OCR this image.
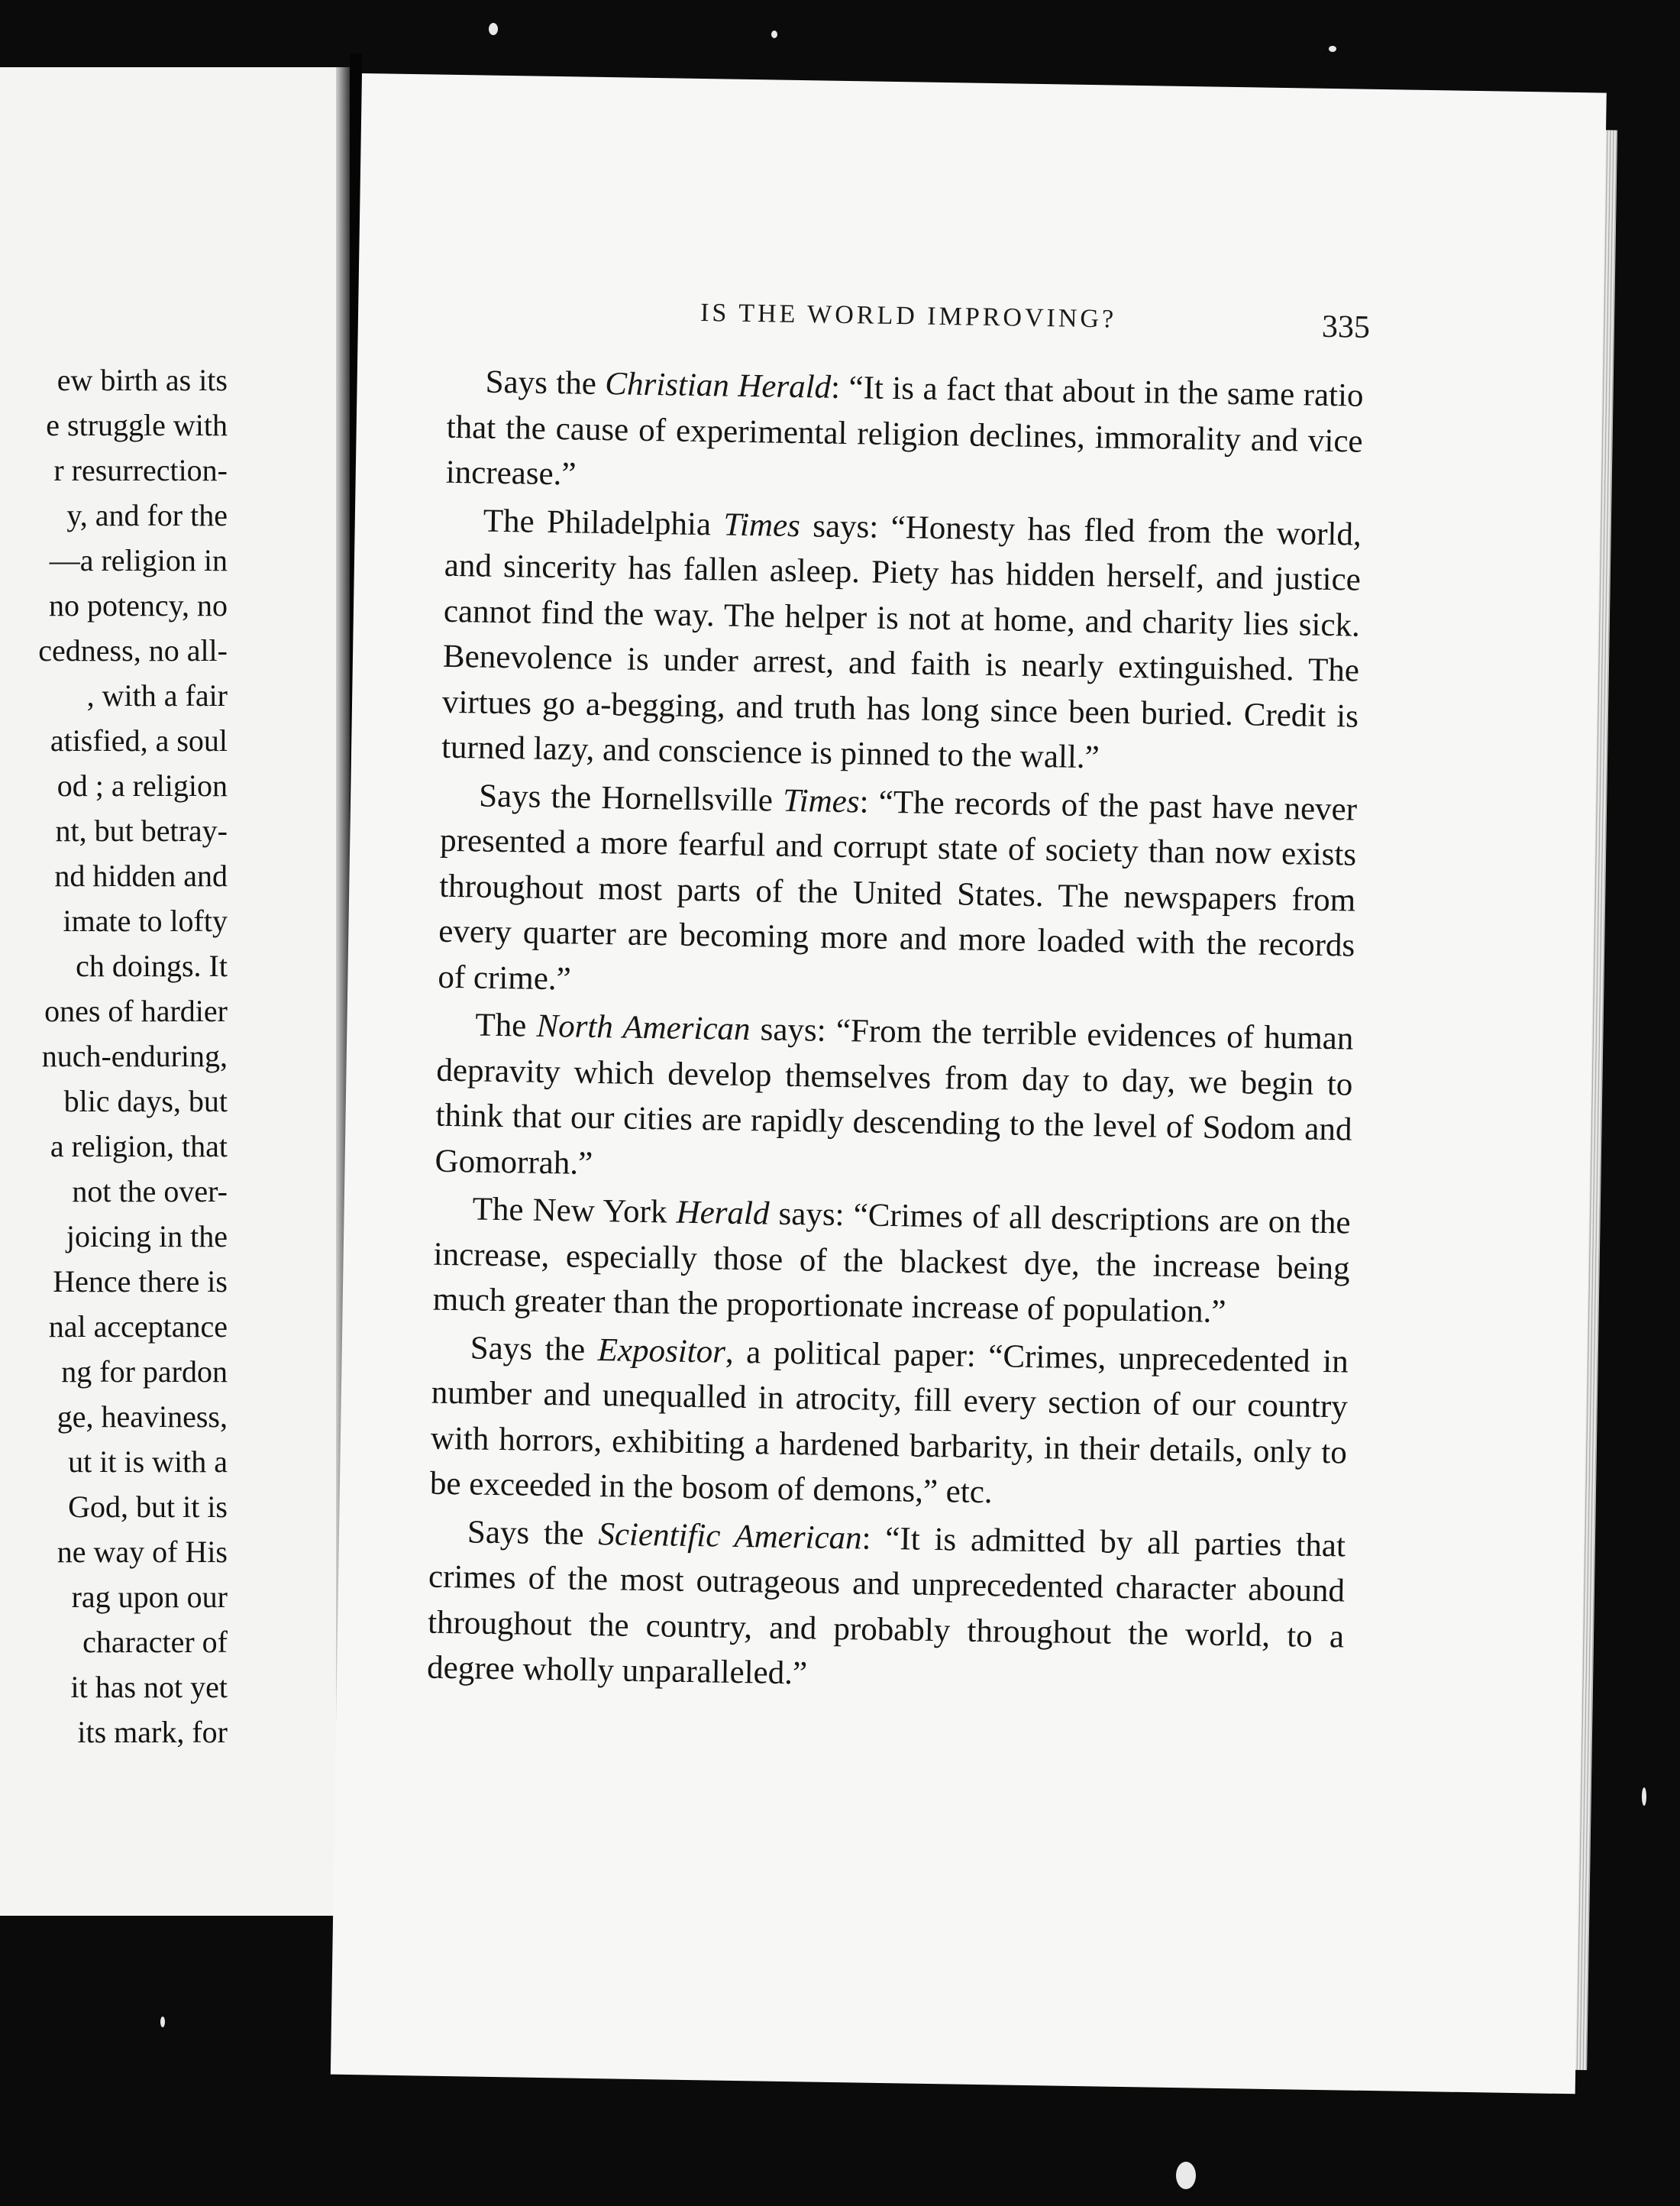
ew birth as its
e struggle with
r resurrection-
y, and for the
—a religion in
no potency, no
cedness, no all-
, with a fair
atisfied, a soul
od ; a religion
nt, but betray-
nd hidden and
imate to lofty
ch doings. It
ones of hardier
nuch-enduring,
blic days, but
a religion, that
not the over-
joicing in the
Hence there is
nal acceptance
ng for pardon
ge, heaviness,
ut it is with a
God, but it is
ne way of His
rag upon our
character of
it has not yet
its mark, for
IS THE WORLD IMPROVING?	335

Says the Christian Herald: “It is a fact that about in the same ratio that the cause of experimental religion declines, immorality and vice increase.”

The Philadelphia Times says: “Honesty has fled from the world, and sincerity has fallen asleep. Piety has hidden herself, and justice cannot find the way. The helper is not at home, and charity lies sick. Benevolence is under arrest, and faith is nearly extinguished. The virtues go a-begging, and truth has long since been buried. Credit is turned lazy, and conscience is pinned to the wall.”

Says the Hornellsville Times: “The records of the past have never presented a more fearful and corrupt state of society than now exists throughout most parts of the United States. The newspapers from every quarter are becoming more and more loaded with the records of crime.”

The North American says: “From the terrible evidences of human depravity which develop themselves from day to day, we begin to think that our cities are rapidly descending to the level of Sodom and Gomorrah.”

The New York Herald says: “Crimes of all descriptions are on the increase, especially those of the blackest dye, the increase being much greater than the proportionate increase of population.”

Says the Expositor, a political paper: “Crimes, unprecedented in number and unequalled in atrocity, fill every section of our country with horrors, exhibiting a hardened barbarity, in their details, only to be exceeded in the bosom of demons,” etc.

Says the Scientific American: “It is admitted by all parties that crimes of the most outrageous and unprecedented character abound throughout the country, and probably throughout the world, to a degree wholly unparalleled.”
